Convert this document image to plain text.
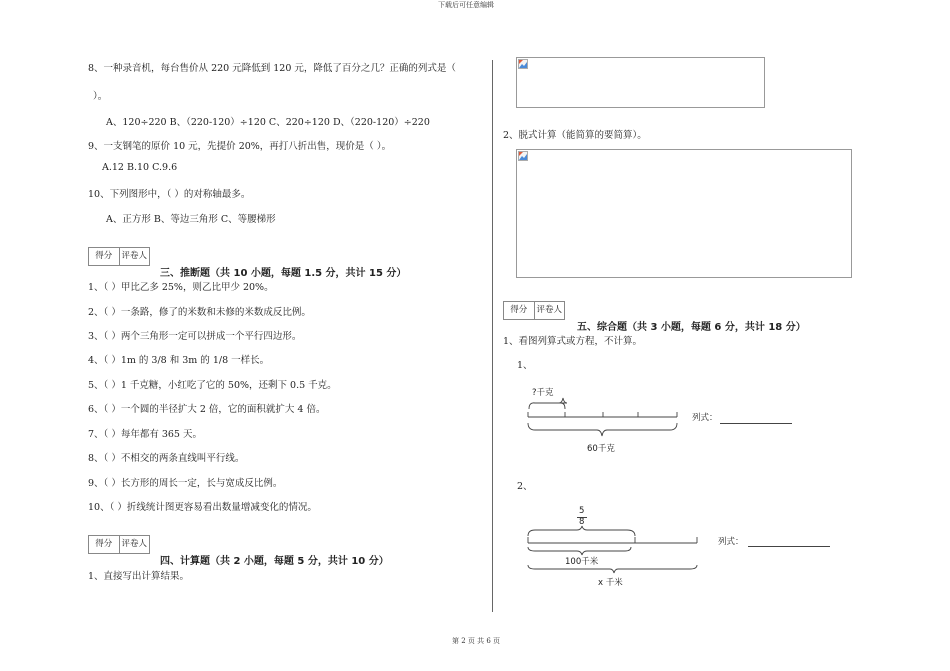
下载后可任意编辑
8、一种录音机，每台售价从 220 元降低到 120 元，降低了百分之几？正确的列式是（
）。
A、120÷220 B、（220-120）÷120 C、220÷120 D、（220-120）÷220
9、一支钢笔的原价 10 元，先提价 20%，再打八折出售，现价是（ ）。
A.12 B.10 C.9.6
10、下列图形中，（ ）的对称轴最多。
A、正方形 B、等边三角形 C、等腰梯形
得分	评卷人
三、推断题（共 10 小题，每题 1.5 分，共计 15 分）
1、（ ）甲比乙多 25%，则乙比甲少 20%。
2、（ ）一条路，修了的米数和未修的米数成反比例。
3、（ ）两个三角形一定可以拼成一个平行四边形。
4、（ ）1m 的 3/8 和 3m 的 1/8 一样长。
5、（ ）1 千克糖，小红吃了它的 50%，还剩下 0.5 千克。
6、（ ）一个圆的半径扩大 2 倍，它的面积就扩大 4 倍。
7、（ ）每年都有 365 天。
8、（ ）不相交的两条直线叫平行线。
9、（ ）长方形的周长一定，长与宽成反比例。
10、（ ）折线统计图更容易看出数量增减变化的情况。
得分	评卷人
四、计算题（共 2 小题，每题 5 分，共计 10 分）
1、直接写出计算结果。
2、脱式计算（能简算的要简算）。
得分	评卷人
五、综合题（共 3 小题，每题 6 分，共计 18 分）
1、看图列算式或方程，不计算。
1、
?千克
60千克
列式：
2、
5
8
100千米
x 千米
列式：
第 2 页 共 6 页
